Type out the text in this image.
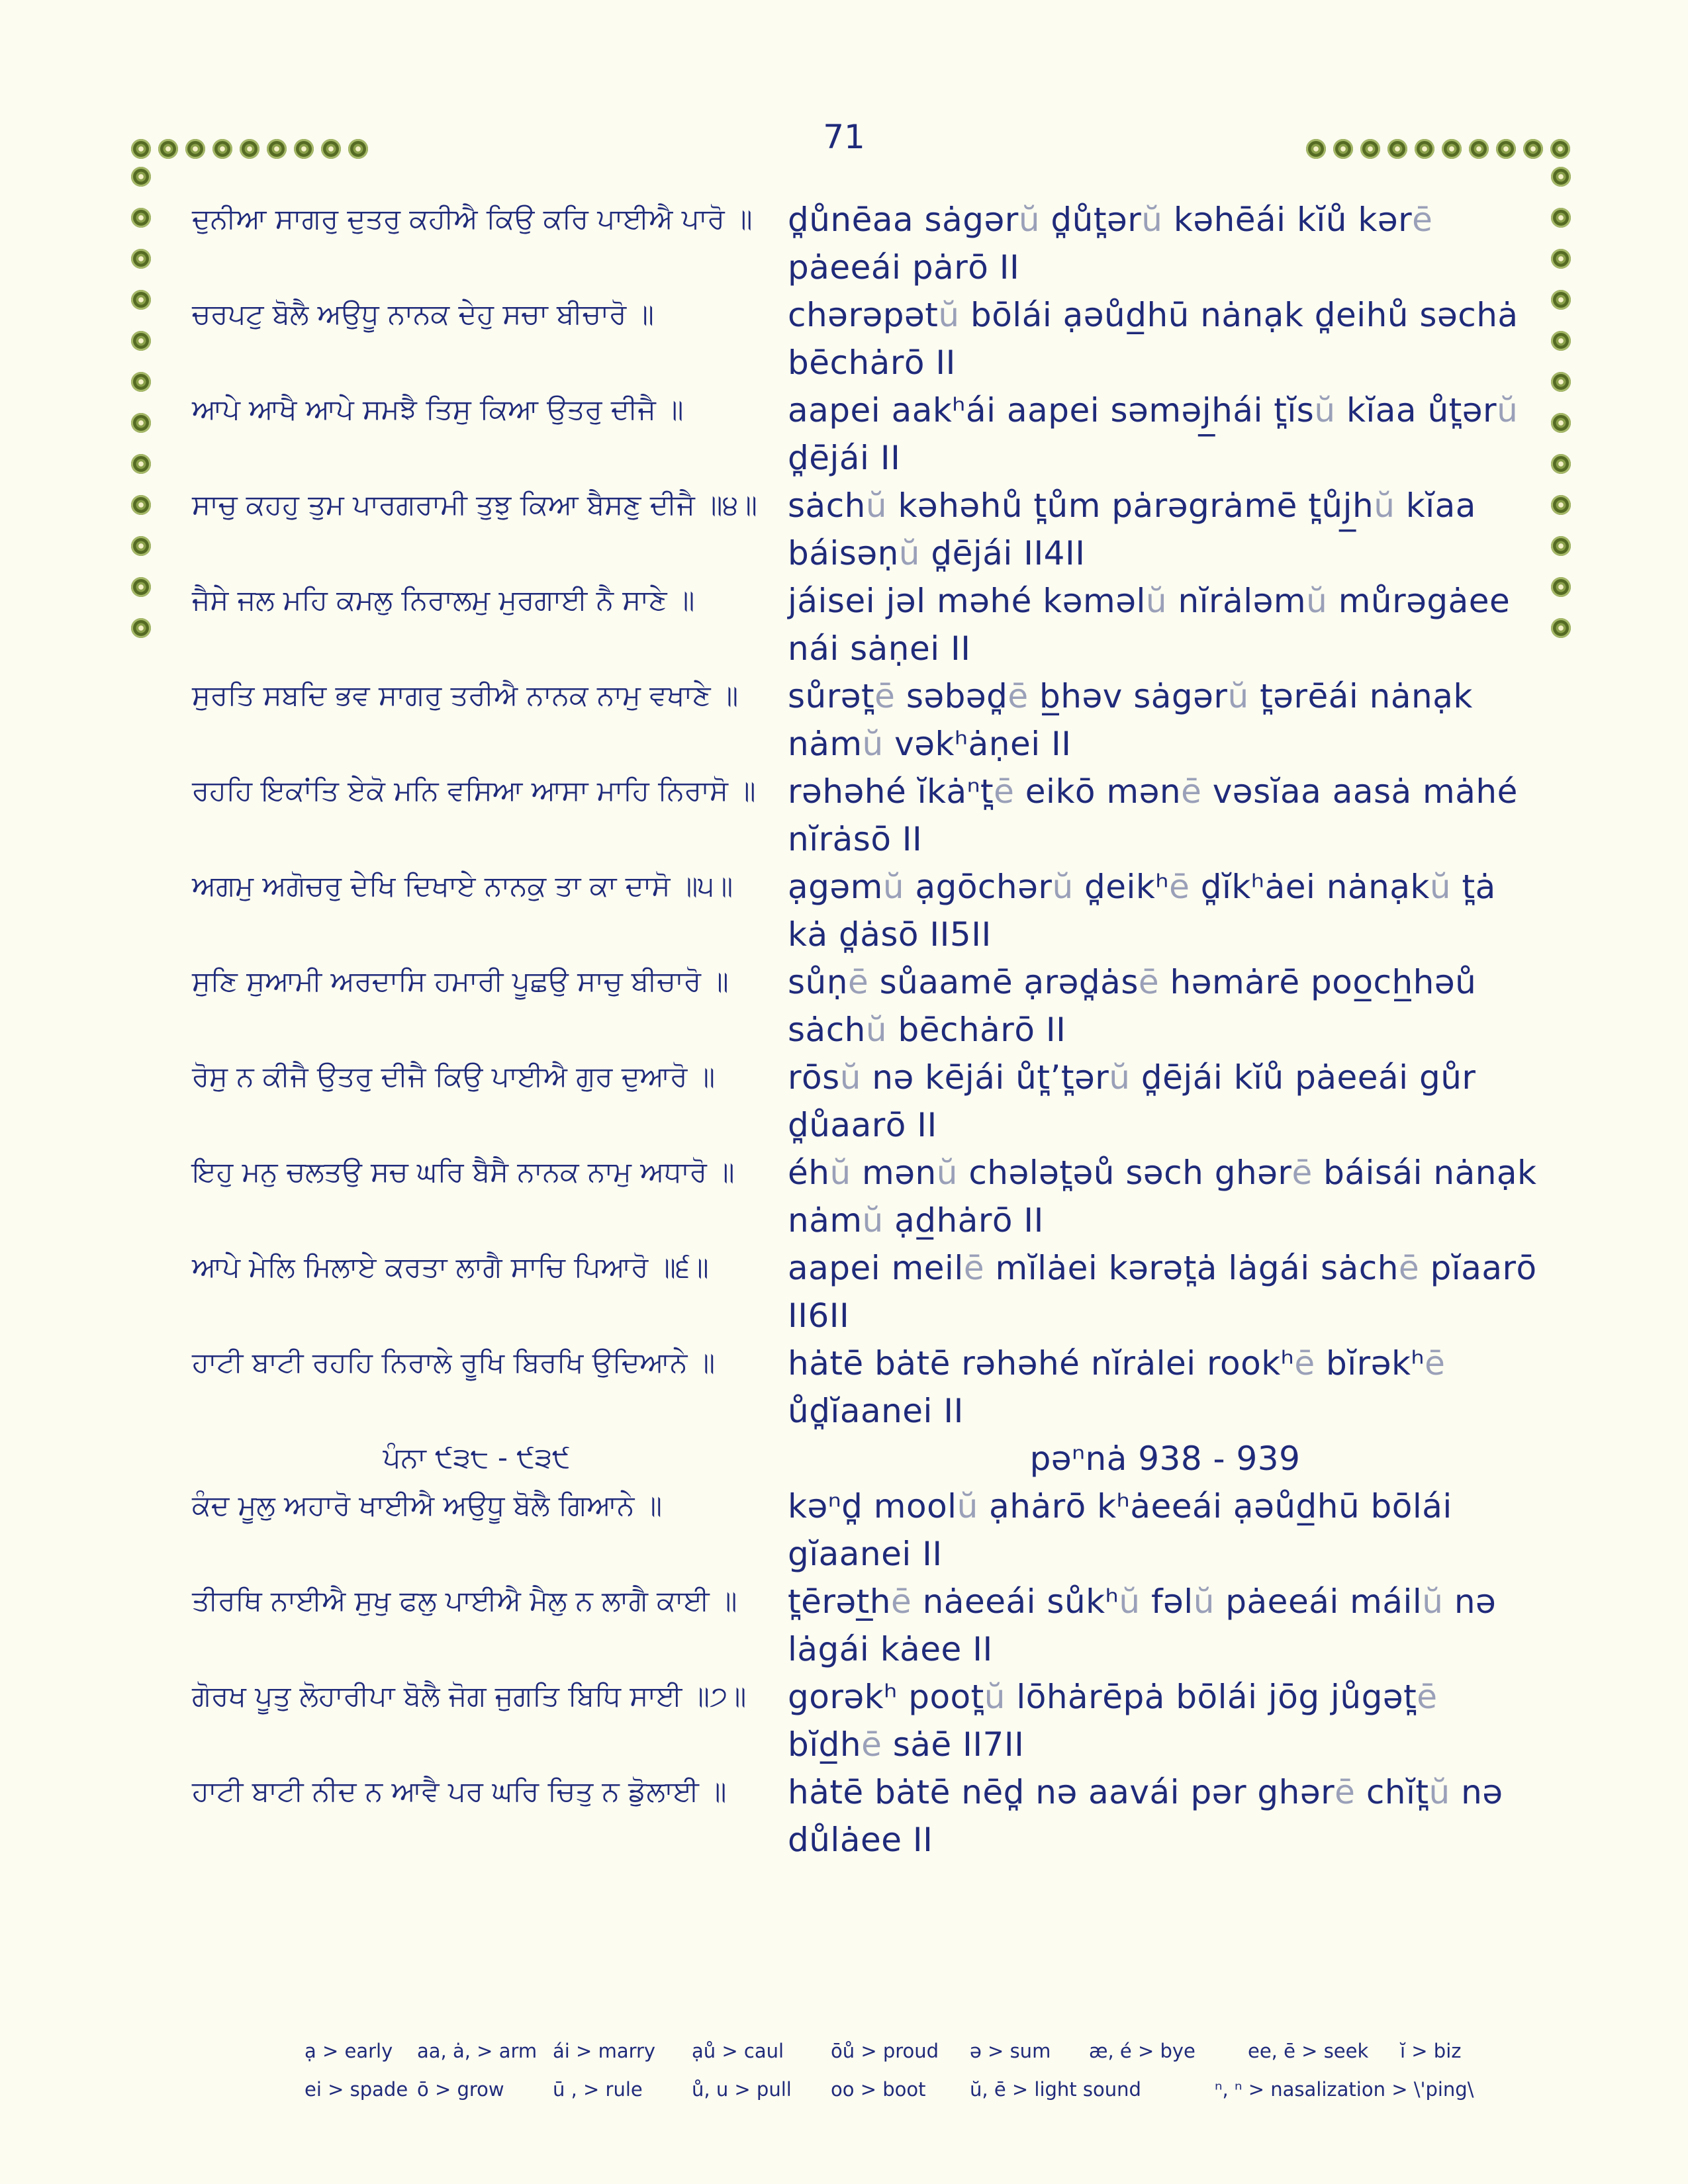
71
ਦੁਨੀਆ ਸਾਗਰੁ ਦੁਤਰੁ ਕਹੀਐ ਕਿਉ ਕਰਿ ਪਾਈਐ ਪਾਰੋ ॥ d̪ůnēaa sȧgərŭ d̪ůt̪ərŭ kəhēái kĭů kərē pȧeeái pȧrō II
ਚਰਪਟੁ ਬੋਲੈ ਅਉਧੂ ਨਾਨਕ ਦੇਹੁ ਸਚਾ ਬੀਚਾਰੋ ॥	chərəpətŭ bōlái ạəůd̲hū nȧnạk d̪eihů səchȧ bēchȧrō II
ਆਪੇ ਆਖੈ ਆਪੇ ਸਮਝੈ ਤਿਸੁ ਕਿਆ ਉਤਰੁ ਦੀਜੈ ॥	aapei aakʰái aapei səməj̲hái t̪ĭsŭ kĭaa ůt̪ərŭ d̪ējái II
ਸਾਚੁ ਕਹਹੁ ਤੁਮ ਪਾਰਗਰਾਮੀ ਤੁਝੁ ਕਿਆ ਬੈਸਣੁ ਦੀਜੈ ॥੪॥ sȧchŭ kəhəhů t̪ům pȧrəgrȧmē t̪ůj̲hŭ kĭaa báisəṇŭ d̪ējái II4II
ਜੈਸੇ ਜਲ ਮਹਿ ਕਮਲੁ ਨਿਰਾਲਮੁ ਮੁਰਗਾਈ ਨੈ ਸਾਣੇ ॥	jáisei jəl məhé kəməlŭ nĭrȧləmŭ můrəgȧee nái sȧṇei II
ਸੁਰਤਿ ਸਬਦਿ ਭਵ ਸਾਗਰੁ ਤਰੀਐ ਨਾਨਕ ਨਾਮੁ ਵਖਾਣੇ ॥	sůrət̪ē səbəd̪ē b̲həv sȧgərŭ t̪ərēái nȧnạk nȧmŭ vəkʰȧṇei II
ਰਹਹਿ ਇਕਾਂਤਿ ਏਕੋ ਮਨਿ ਵਸਿਆ ਆਸਾ ਮਾਹਿ ਨਿਰਾਸੋ ॥ rəhəhé ĭkȧⁿt̪ē eikō mənē vəsĭaa aasȧ mȧhé nĭrȧsō II
ਅਗਮੁ ਅਗੋਚਰੁ ਦੇਖਿ ਦਿਖਾਏ ਨਾਨਕੁ ਤਾ ਕਾ ਦਾਸੋ ॥੫॥	ạgəmŭ ạgōchərŭ d̪eikʰē d̪ĭkʰȧei nȧnạkŭ t̪ȧ kȧ d̪ȧsō II5II
ਸੁਣਿ ਸੁਆਮੀ ਅਰਦਾਸਿ ਹਮਾਰੀ ਪੂਛਉ ਸਾਚੁ ਬੀਚਾਰੋ ॥	sůṇē sůaamē ạrəd̪ȧsē həmȧrē poo̲ch̲həů sȧchŭ bēchȧrō II
ਰੋਸੁ ਨ ਕੀਜੈ ਉਤਰੁ ਦੀਜੈ ਕਿਉ ਪਾਈਐ ਗੁਰ ਦੁਆਰੋ ॥	rōsŭ nə kējái ůt̪’t̪ərŭ d̪ējái kĭů pȧeeái gůr d̪ůaarō II
ਇਹੁ ਮਨੁ ਚਲਤਉ ਸਚ ਘਰਿ ਬੈਸੈ ਨਾਨਕ ਨਾਮੁ ਅਧਾਰੋ ॥	éhŭ mənŭ chələt̪əů səch ghərē báisái nȧnạk nȧmŭ ạd̲hȧrō II
ਆਪੇ ਮੇਲਿ ਮਿਲਾਏ ਕਰਤਾ ਲਾਗੈ ਸਾਚਿ ਪਿਆਰੋ ॥੬॥	aapei meilē mĭlȧei kərət̪ȧ lȧgái sȧchē pĭaarō II6II
ਹਾਟੀ ਬਾਟੀ ਰਹਹਿ ਨਿਰਾਲੇ ਰੂਖਿ ਬਿਰਖਿ ਉਦਿਆਨੇ ॥	hȧtē bȧtē rəhəhé nĭrȧlei rookʰē bĭrəkʰē ůd̪ĭaanei II
ਪੰਨਾ ੯੩੮ - ੯੩੯	pəⁿnȧ 938 - 939
ਕੰਦ ਮੂਲੁ ਅਹਾਰੋ ਖਾਈਐ ਅਉਧੂ ਬੋਲੈ ਗਿਆਨੇ ॥	kəⁿd̪ moolŭ ạhȧrō kʰȧeeái ạəůd̲hū bōlái gĭaanei II
ਤੀਰਥਿ ਨਾਈਐ ਸੁਖੁ ਫਲੁ ਪਾਈਐ ਮੈਲੁ ਨ ਲਾਗੈ ਕਾਈ ॥	t̪ērət̲hē nȧeeái sůkʰŭ fəlŭ pȧeeái máilŭ nə lȧgái kȧee II
ਗੋਰਖ ਪੂਤੁ ਲੋਹਾਰੀਪਾ ਬੋਲੈ ਜੋਗ ਜੁਗਤਿ ਬਿਧਿ ਸਾਈ ॥੭॥	gorəkʰ poot̪ŭ lōhȧrēpȧ bōlái jōg jůgət̪ē bĭd̲hē sȧē II7II
ਹਾਟੀ ਬਾਟੀ ਨੀਦ ਨ ਆਵੈ ਪਰ ਘਰਿ ਚਿਤੁ ਨ ਡੁੋਲਾਈ ॥	hȧtē bȧtē nēd̪ nə aavái pər ghərē chĭt̪ŭ nə důlȧee II
ạ > early aa, ȧ, > arm ái > marry ạů > caul ōů > proud ə > sum æ, é > bye	ee, ē > seek ĭ > biz
ei > spade ō > grow	ū , > rule	ů, u > pull oo > boot ŭ, ē > light sound	ⁿ, ⁿ > nasalization > \'ping\
